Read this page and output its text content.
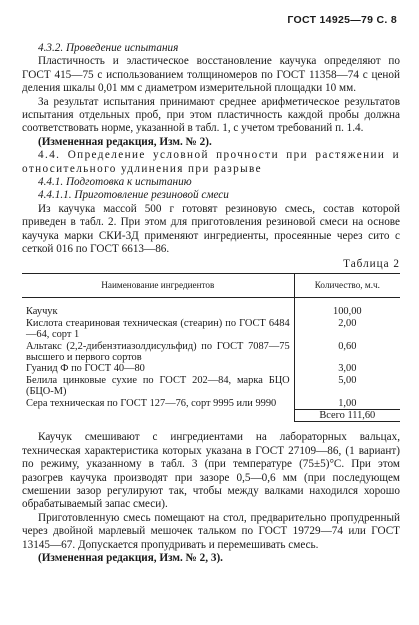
ГОСТ 14925—79 С. 8

4.3.2. Проведение испытания

Пластичность и эластическое восстановление каучука определяют по ГОСТ 415—75 с использованием толщиномеров по ГОСТ 11358—74 с ценой деления шкалы 0,01 мм с диаметром измерительной площадки 10 мм.

За результат испытания принимают среднее арифметическое результатов испытания отдельных проб, при этом пластичность каждой пробы должна соответствовать норме, указанной в табл. 1, с учетом требований п. 1.4.

(Измененная редакция, Изм. № 2).

4.4. Определение условной прочности при растяжении и относительного удлинения при разрыве

4.4.1. Подготовка к испытанию

4.4.1.1. Приготовление резиновой смеси

Из каучука массой 500 г готовят резиновую смесь, состав которой приведен в табл. 2. При этом для приготовления резиновой смеси на основе каучука марки СКИ-3Д применяют ингредиенты, просеянные через сито с сеткой 016 по ГОСТ 6613—86.

Таблица 2

Наименование ингредиентов	Количество, м.ч.

Каучук	100,00
Кислота стеариновая техническая (стеарин) по ГОСТ 6484—64, сорт 1	2,00
Альтакс (2,2-дибензтиазолдисульфид) по ГОСТ 7087—75 высшего и первого сортов	0,60
Гуанид Ф по ГОСТ 40—80	3,00
Белила цинковые сухие по ГОСТ 202—84, марка БЦО (БЦО-М)	5,00
Сера техническая по ГОСТ 127—76, сорт 9995 или 9990	1,00
	Всего 111,60

Каучук смешивают с ингредиентами на лабораторных вальцах, техническая характеристика которых указана в ГОСТ 27109—86, (1 вариант) по режиму, указанному в табл. 3 (при температуре (75±5)°С. При этом разогрев каучука производят при зазоре 0,5—0,6 мм (при последующем смешении зазор регулируют так, чтобы между валками находился хорошо обрабатываемый запас смеси).

Приготовленную смесь помещают на стол, предварительно пропудренный через двойной марлевый мешочек тальком по ГОСТ 19729—74 или ГОСТ 13145—67. Допускается пропудривать и перемешивать смесь.

(Измененная редакция, Изм. № 2, 3).
